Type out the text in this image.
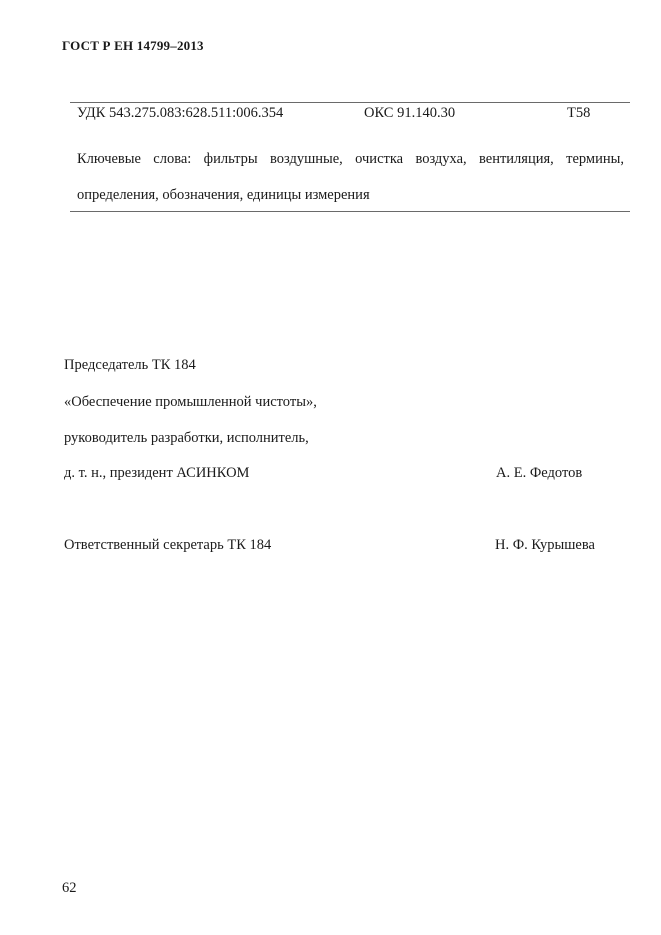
ГОСТ Р ЕН 14799–2013
УДК 543.275.083:628.511:006.354	ОКС 91.140.30	Т58
Ключевые слова: фильтры воздушные, очистка воздуха, вентиляция, термины, определения, обозначения, единицы измерения
Председатель ТК 184
«Обеспечение промышленной чистоты»,
руководитель разработки, исполнитель,
д. т. н., президент АСИНКОМ	А. Е. Федотов
Ответственный секретарь ТК 184	Н. Ф. Курышева
62
